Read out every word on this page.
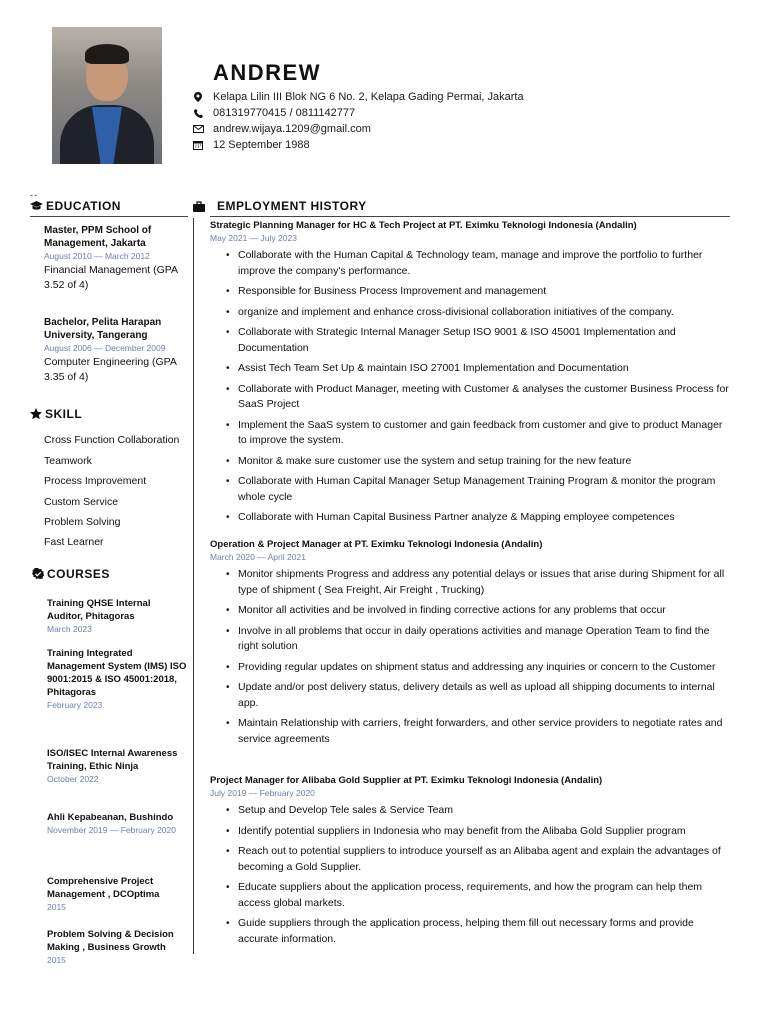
ANDREW
Kelapa Lilin III Blok NG 6 No. 2, Kelapa Gading Permai, Jakarta
081319770415 / 0811142777
andrew.wijaya.1209@gmail.com
12 September 1988
--
EDUCATION
Master, PPM School of Management, Jakarta
August 2010 — March 2012
Financial Management (GPA 3.52 of 4)
Bachelor, Pelita Harapan University, Tangerang
August 2006 — December 2009
Computer Engineering (GPA 3.35 of 4)
SKILL
Cross Function Collaboration
Teamwork
Process Improvement
Custom Service
Problem Solving
Fast Learner
COURSES
Training QHSE Internal Auditor, Phitagoras
March 2023
Training Integrated Management System (IMS) ISO 9001:2015 & ISO 45001:2018, Phitagoras
February 2023
ISO/ISEC Internal Awareness Training, Ethic Ninja
October 2022
Ahli Kepabeanan, Bushindo
November 2019 — February 2020
Comprehensive Project Management , DCOptima
2015
Problem Solving & Decision Making , Business Growth
2015
EMPLOYMENT HISTORY
Strategic Planning Manager for HC & Tech Project at PT. Eximku Teknologi Indonesia (Andalin)
May 2021 — July 2023
• Collaborate with the Human Capital & Technology team, manage and improve the portfolio to further improve the company's performance.
• Responsible for Business Process Improvement and management
• organize and implement and enhance cross-divisional collaboration initiatives of the company.
• Collaborate with Strategic Internal Manager Setup ISO 9001 & ISO 45001 Implementation and Documentation
• Assist Tech Team Set Up & maintain ISO 27001 Implementation and Documentation
• Collaborate with Product Manager, meeting with Customer & analyses the customer Business Process for SaaS Project
• Implement the SaaS system to customer and gain feedback from customer and give to product Manager to improve the system.
• Monitor & make sure customer use the system and setup training for the new feature
• Collaborate with Human Capital Manager Setup Management Training Program & monitor the program whole cycle
• Collaborate with Human Capital Business Partner analyze & Mapping employee competences
Operation & Project Manager at PT. Eximku Teknologi Indonesia (Andalin)
March 2020 — April 2021
• Monitor shipments Progress and address any potential delays or issues that arise during Shipment for all type of shipment ( Sea Freight, Air Freight , Trucking)
• Monitor all activities and be involved in finding corrective actions for any problems that occur
• Involve in all problems that occur in daily operations activities and manage Operation Team to find the right solution
• Providing regular updates on shipment status and addressing any inquiries or concern to the Customer
• Update and/or post delivery status, delivery details as well as upload all shipping documents to internal app.
• Maintain Relationship with carriers, freight forwarders, and other service providers to negotiate rates and service agreements
Project Manager for Alibaba Gold Supplier at PT. Eximku Teknologi Indonesia (Andalin)
July 2019 — February 2020
• Setup and Develop Tele sales & Service Team
• Identify potential suppliers in Indonesia who may benefit from the Alibaba Gold Supplier program
• Reach out to potential suppliers to introduce yourself as an Alibaba agent and explain the advantages of becoming a Gold Supplier.
• Educate suppliers about the application process, requirements, and how the program can help them access global markets.
• Guide suppliers through the application process, helping them fill out necessary forms and provide accurate information.
